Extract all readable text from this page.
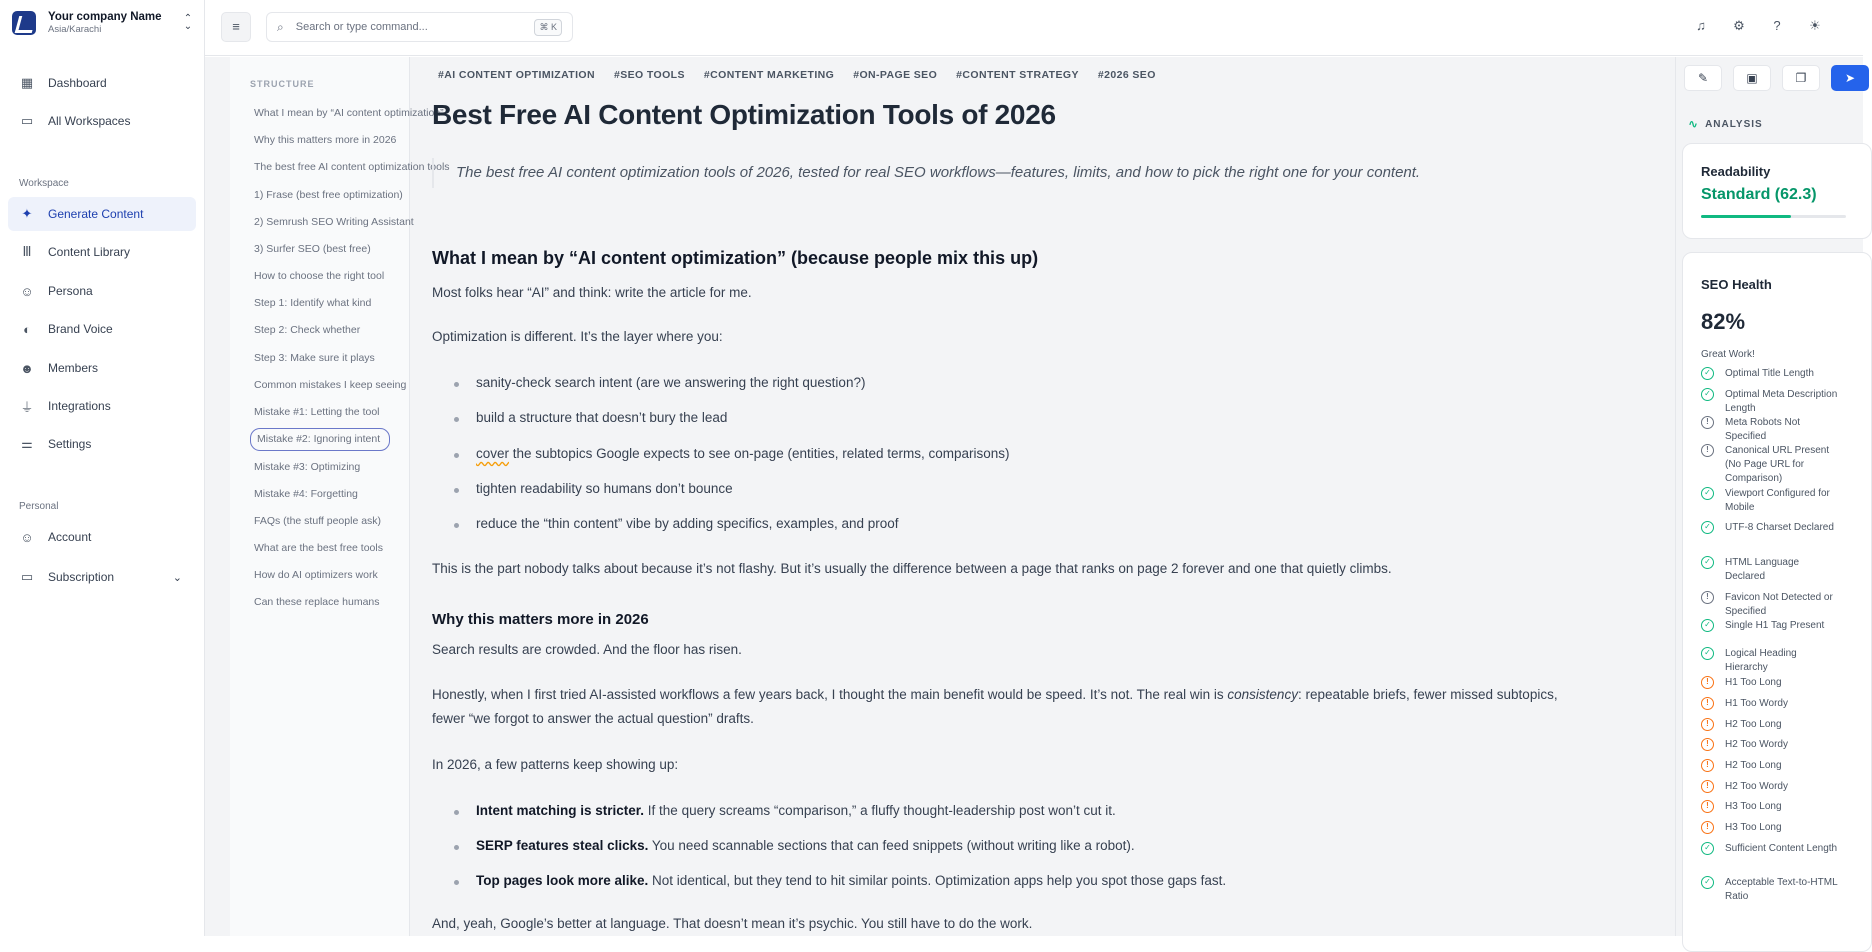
Your company Name
Asia/Karachi
⌃
⌄
▦ Dashboard
▭ All Workspaces
Workspace
✦ Generate Content
Ⅲ	Content Library
☺ Persona
◐	Brand Voice
☻ Members
⏚ Integrations
⚌ Settings
Personal
☺ Account
▭ Subscription	⌄
≡	⌕
Search or type command...	⌘ K	♫ ⚙	?	☀
STRUCTURE
What I mean by “AI content optimization”
Why this matters more in 2026
The best free AI content optimization tools
1) Frase (best free optimization)
2) Semrush SEO Writing Assistant
3) Surfer SEO (best free)
How to choose the right tool
Step 1: Identify what kind
Step 2: Check whether
Step 3: Make sure it plays
Common mistakes I keep seeing
Mistake #1: Letting the tool
Mistake #2: Ignoring intent
Mistake #3: Optimizing
Mistake #4: Forgetting
FAQs (the stuff people ask)
What are the best free tools
How do AI optimizers work
Can these replace humans
#AI CONTENT OPTIMIZATION #SEO TOOLS #CONTENT MARKETING #ON-PAGE SEO #CONTENT STRATEGY #2026 SEO
Best Free AI Content Optimization Tools of 2026
The best free AI content optimization tools of 2026, tested for real SEO workflows—features, limits, and how to pick the right one for your content.
What I mean by “AI content optimization” (because people mix this up)

Most folks hear “AI” and think: write the article for me.

Optimization is different. It’s the layer where you:

sanity-check search intent (are we answering the right question?)
build a structure that doesn’t bury the lead
cover the subtopics Google expects to see on-page (entities, related terms, comparisons)
tighten readability so humans don’t bounce
reduce the “thin content” vibe by adding specifics, examples, and proof

This is the part nobody talks about because it’s not flashy. But it’s usually the difference between a page that ranks on page 2 forever and one that quietly climbs.

Why this matters more in 2026

Search results are crowded. And the floor has risen.

Honestly, when I first tried AI-assisted workflows a few years back, I thought the main benefit would be speed. It’s not. The real win is consistency: repeatable briefs, fewer missed subtopics,
fewer “we forgot to answer the actual question” drafts.

In 2026, a few patterns keep showing up:

Intent matching is stricter. If the query screams “comparison,” a fluffy thought-leadership post won’t cut it.
SERP features steal clicks. You need scannable sections that can feed snippets (without writing like a robot).
Top pages look more alike. Not identical, but they tend to hit similar points. Optimization apps help you spot those gaps fast.

And, yeah, Google’s better at language. That doesn’t mean it’s psychic. You still have to do the work.

✎	▣	❐	➤
∿ ANALYSIS
Readability
Standard (62.3)
SEO Health
82%
Great Work!
✓	Optimal Title Length
✓	Optimal Meta Description Length
!	Meta Robots Not Specified
!	Canonical URL Present (No Page URL for Comparison)
✓	Viewport Configured for Mobile
✓	UTF-8 Charset Declared
✓	HTML Language Declared
!	Favicon Not Detected or Specified
✓	Single H1 Tag Present
✓	Logical Heading Hierarchy
!	H1 Too Long
!	H1 Too Wordy
!	H2 Too Long
!	H2 Too Wordy
!	H2 Too Long
!	H2 Too Wordy
!	H3 Too Long
!	H3 Too Long
✓	Sufficient Content Length
✓	Acceptable Text-to-HTML Ratio
